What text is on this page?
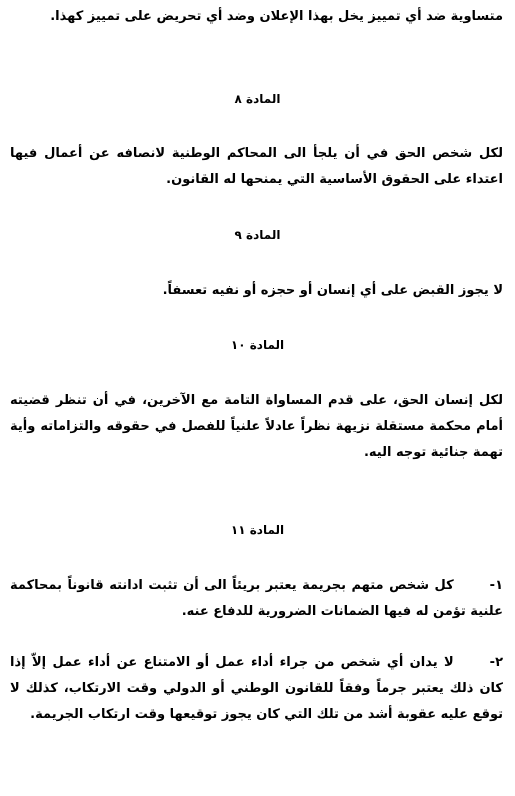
متساوية ضد أي تمييز يخل بهذا الإعلان وضد أي تحريض على تمييز كهذا.

المادة ٨

لكل شخص الحق في أن يلجأ الى المحاكم الوطنية لانصافه عن أعمال فيها اعتداء على الحقوق الأساسية التي يمنحها له القانون.

المادة ٩

لا يجوز القبض على أي إنسان أو حجزه أو نفيه تعسفاً.

المادة ١٠

لكل إنسان الحق، على قدم المساواة التامة مع الآخرين، في أن تنظر قضيته أمام محكمة مستقلة نزيهة نظراً عادلاً علنياً للفصل في حقوقه والتزاماته وأية تهمة جنائية توجه اليه.

المادة ١١

١-كل شخص متهم بجريمة يعتبر بريئاً الى أن تثبت ادانته قانوناً بمحاكمة علنية تؤمن له فيها الضمانات الضرورية للدفاع عنه.

٢-لا يدان أي شخص من جراء أداء عمل أو الامتناع عن أداء عمل إلاّ إذا كان ذلك يعتبر جرماً وفقاً للقانون الوطني أو الدولي وقت الارتكاب، كذلك لا توقع عليه عقوبة أشد من تلك التي كان يجوز توقيعها وقت ارتكاب الجريمة.
